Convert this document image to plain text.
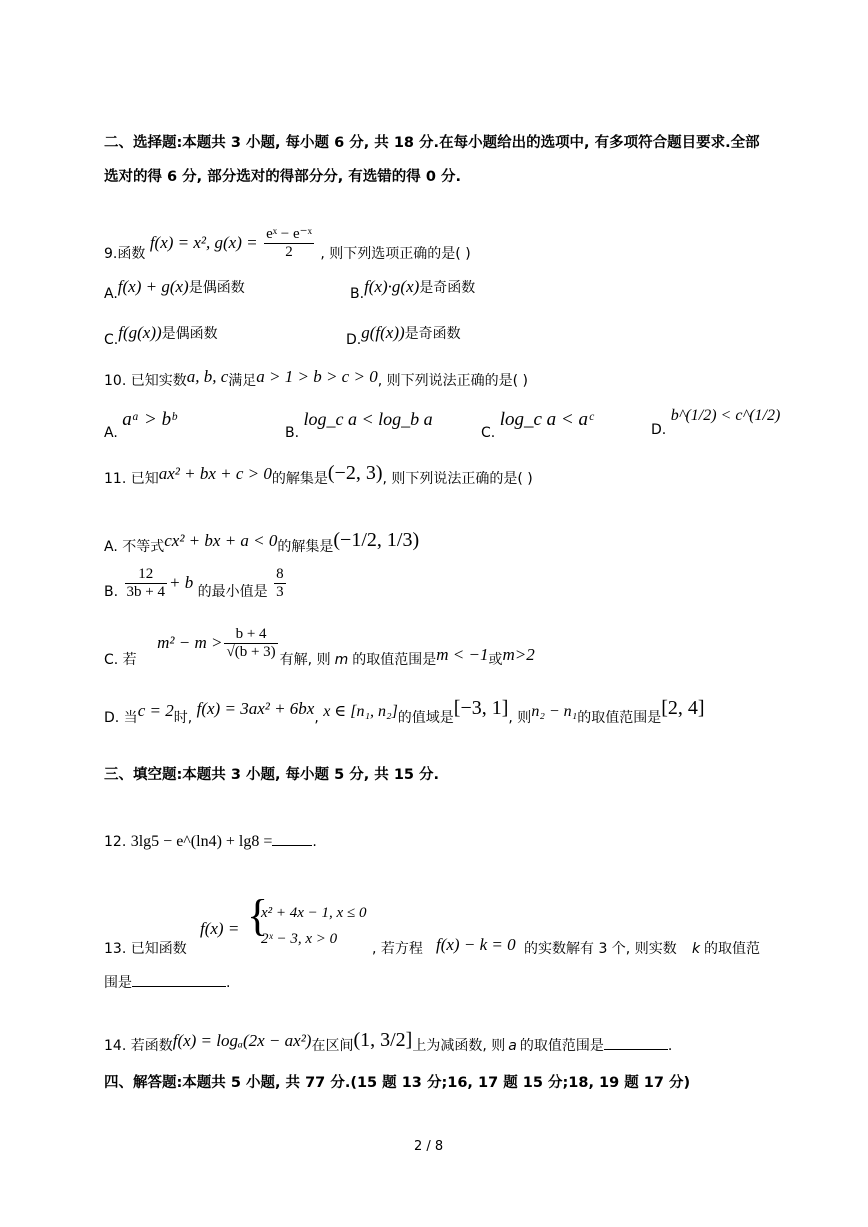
二、选择题:本题共 3 小题, 每小题 6 分, 共 18 分.在每小题给出的选项中, 有多项符合题目要求.全部
选对的得 6 分, 部分选对的得部分分, 有选错的得 0 分.
9.函数 f(x) = x², $g(x) = \frac{\text{eˣ − e⁻ˣ}}{2}$ , 则下列选项正确的是( )
A.f(x) + g(x)是偶函数	B.f(x)·g(x)是奇函数
C.f(g(x))是偶函数	D.g(f(x))是奇函数
10. 已知实数a, b, c满足a > 1 > b > c > 0, 则下列说法正确的是( )
A. aᵃ > bᵇ
B. log_c a < log_b a
C. log_c a < aᶜ	D. b^(1/2) < c^(1/2)
11. 已知ax² + bx + c > 0的解集是(−2, 3), 则下列说法正确的是( )
A. 不等式cx² + bx + a < 0的解集是(−1/2, 1/3)
B. $\frac{12}{3b + 4} + b$ 的最小值是 $\frac{8}{3}$
C. 若 $m^2 - m > \frac{b + 4}{√(b + 3)}$ 有解, 则 m 的取值范围是m < −1或m>2
D. 当c = 2时, f(x) = 3ax² + 6bx, x ∈ [n₁, n₂]的值域是[−3, 1], 则n₂ − n₁的取值范围是[2, 4]
三、填空题:本题共 3 小题, 每小题 5 分, 共 15 分.
12. 3lg5 − e^(ln4) + lg8 =	.
13. 已知函数
f(x) = {
x² + 4x − 1, x ≤ 0
2ˣ − 3, x > 0
, 若方程 f(x) − k = 0 的实数解有 3 个, 则实数 k 的取值范
围是	.
14. 若函数f(x) = logₐ(2x − ax²)在区间(1, 3/2]上为减函数, 则 a 的取值范围是	.
四、解答题:本题共 5 小题, 共 77 分.(15 题 13 分;16, 17 题 15 分;18, 19 题 17 分)
2 / 8
